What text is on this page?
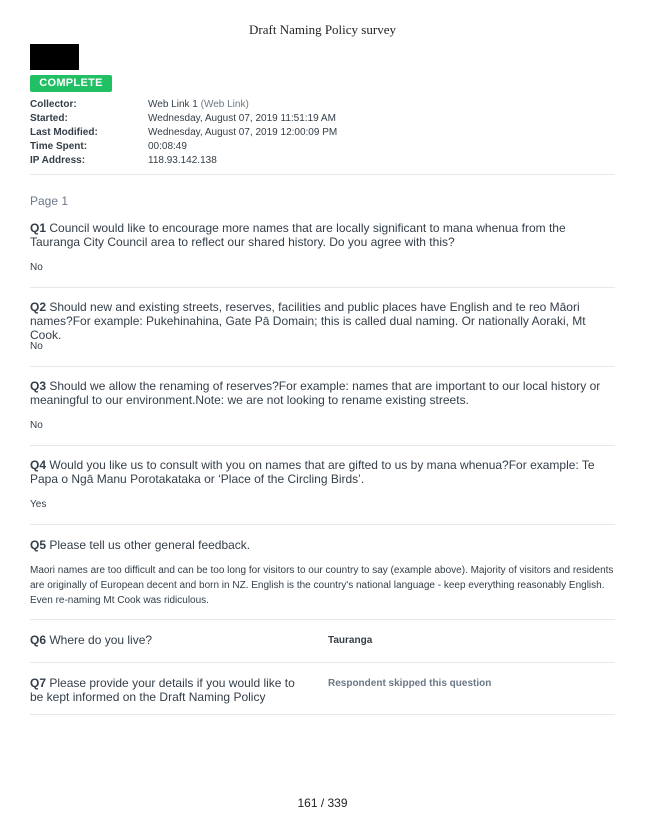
Draft Naming Policy survey
COMPLETE
Collector:	Web Link 1 (Web Link)
Started:	Wednesday, August 07, 2019 11:51:19 AM
Last Modified:	Wednesday, August 07, 2019 12:00:09 PM
Time Spent:	00:08:49
IP Address:	118.93.142.138
Page 1

Q1 Council would like to encourage more names that are locally significant to mana whenua from the Tauranga City Council area to reflect our shared history. Do you agree with this?

No

Q2 Should new and existing streets, reserves, facilities and public places have English and te reo Māori names?For example: Pukehinahina, Gate Pā Domain; this is called dual naming. Or nationally Aoraki, Mt Cook.

No

Q3 Should we allow the renaming of reserves?For example: names that are important to our local history or meaningful to our environment.Note: we are not looking to rename existing streets.

No

Q4 Would you like us to consult with you on names that are gifted to us by mana whenua?For example: Te Papa o Ngā Manu Porotakataka or ‘Place of the Circling Birds’.

Yes

Q5 Please tell us other general feedback.

Maori names are too difficult and can be too long for visitors to our country to say (example above). Majority of visitors and residents are originally of European decent and born in NZ. English is the country's national language - keep everything reasonably English. Even re-naming Mt Cook was ridiculous.
Q6 Where do you live?	Tauranga
Q7 Please provide your details if you would like to be kept informed on the Draft Naming Policy
Respondent skipped this question
161 / 339
